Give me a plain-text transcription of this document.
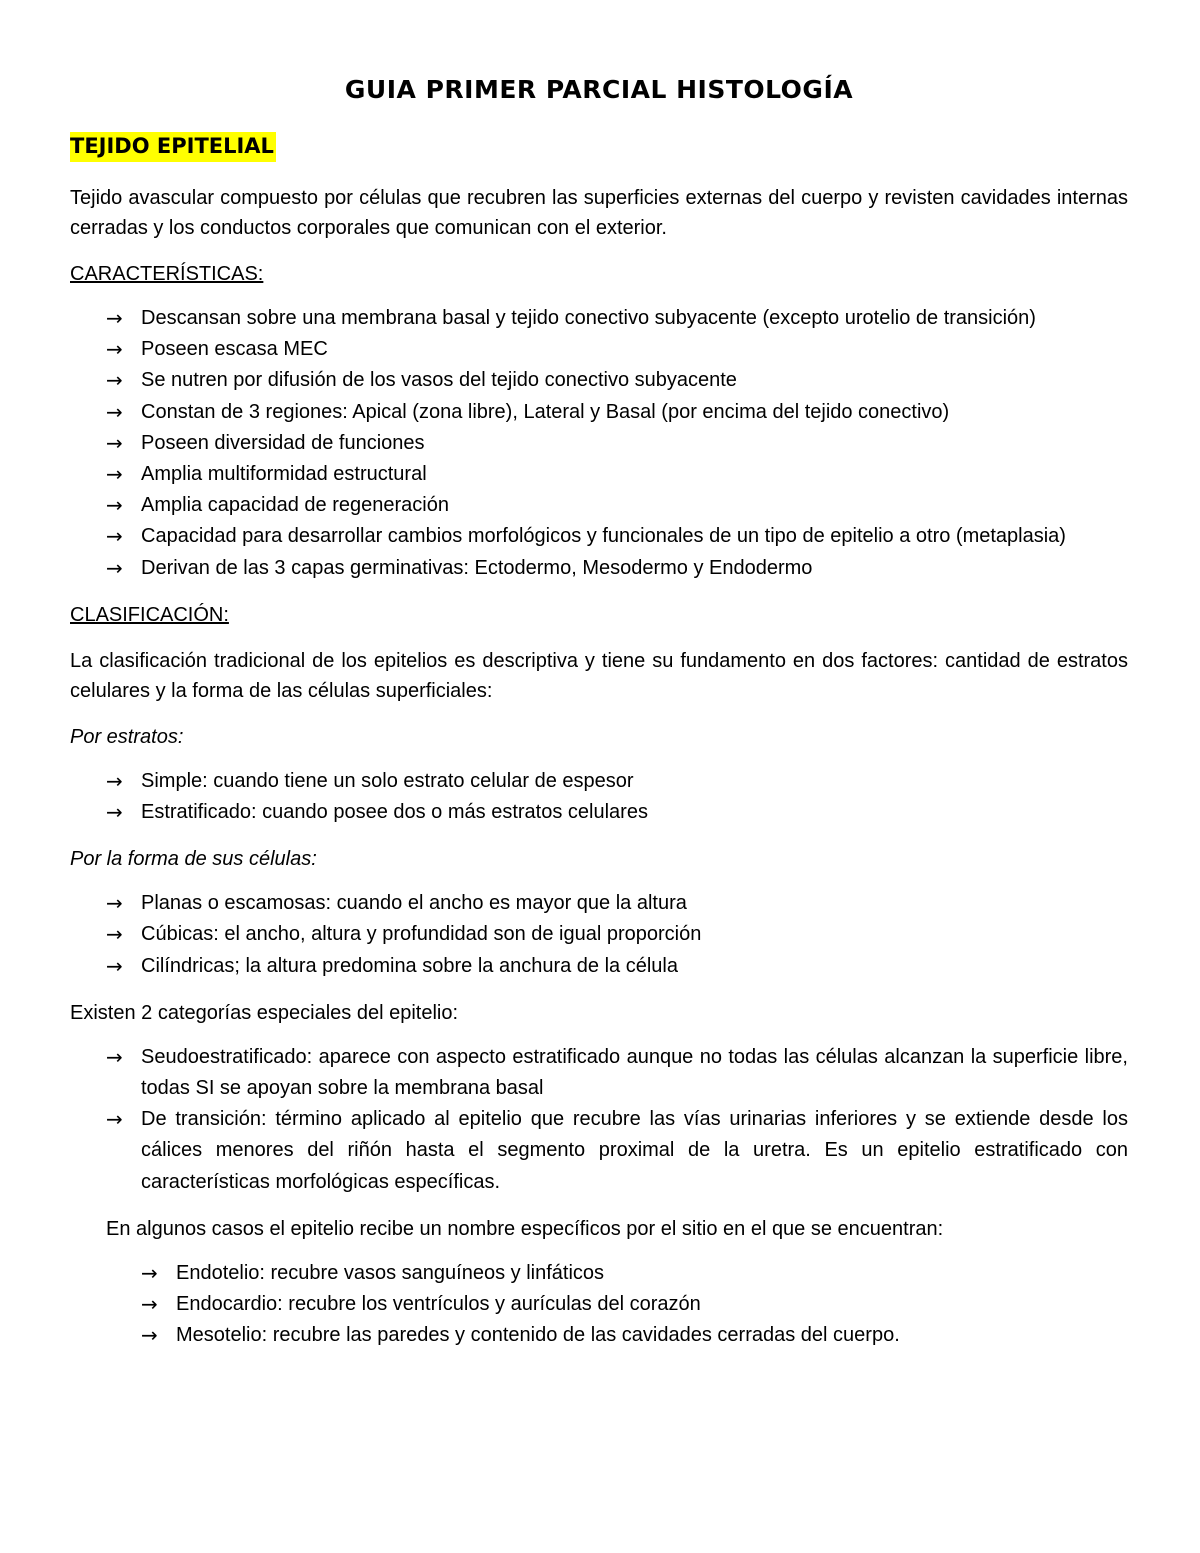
GUIA PRIMER PARCIAL HISTOLOGÍA
TEJIDO EPITELIAL

Tejido avascular compuesto por células que recubren las superficies externas del cuerpo y revisten cavidades internas cerradas y los conductos corporales que comunican con el exterior.

CARACTERÍSTICAS:
→ Descansan sobre una membrana basal y tejido conectivo subyacente (excepto urotelio de transición)
→ Poseen escasa MEC
→ Se nutren por difusión de los vasos del tejido conectivo subyacente
→ Constan de 3 regiones: Apical (zona libre), Lateral y Basal (por encima del tejido conectivo)
→ Poseen diversidad de funciones
→ Amplia multiformidad estructural
→ Amplia capacidad de regeneración
→ Capacidad para desarrollar cambios morfológicos y funcionales de un tipo de epitelio a otro (metaplasia)
→ Derivan de las 3 capas germinativas: Ectodermo, Mesodermo y Endodermo
CLASIFICACIÓN:

La clasificación tradicional de los epitelios es descriptiva y tiene su fundamento en dos factores: cantidad de estratos celulares y la forma de las células superficiales:

Por estratos:
→ Simple: cuando tiene un solo estrato celular de espesor
→ Estratificado: cuando posee dos o más estratos celulares
Por la forma de sus células:
→ Planas o escamosas: cuando el ancho es mayor que la altura
→ Cúbicas: el ancho, altura y profundidad son de igual proporción
→ Cilíndricas; la altura predomina sobre la anchura de la célula

Existen 2 categorías especiales del epitelio:

→ Seudoestratificado: aparece con aspecto estratificado aunque no todas las células alcanzan la superficie libre, todas SI se apoyan sobre la membrana basal
→ De transición: término aplicado al epitelio que recubre las vías urinarias inferiores y se extiende desde los cálices menores del riñón hasta el segmento proximal de la uretra. Es un epitelio estratificado con características morfológicas específicas.

En algunos casos el epitelio recibe un nombre específicos por el sitio en el que se encuentran:

→ Endotelio: recubre vasos sanguíneos y linfáticos
→ Endocardio: recubre los ventrículos y aurículas del corazón
→ Mesotelio: recubre las paredes y contenido de las cavidades cerradas del cuerpo.
